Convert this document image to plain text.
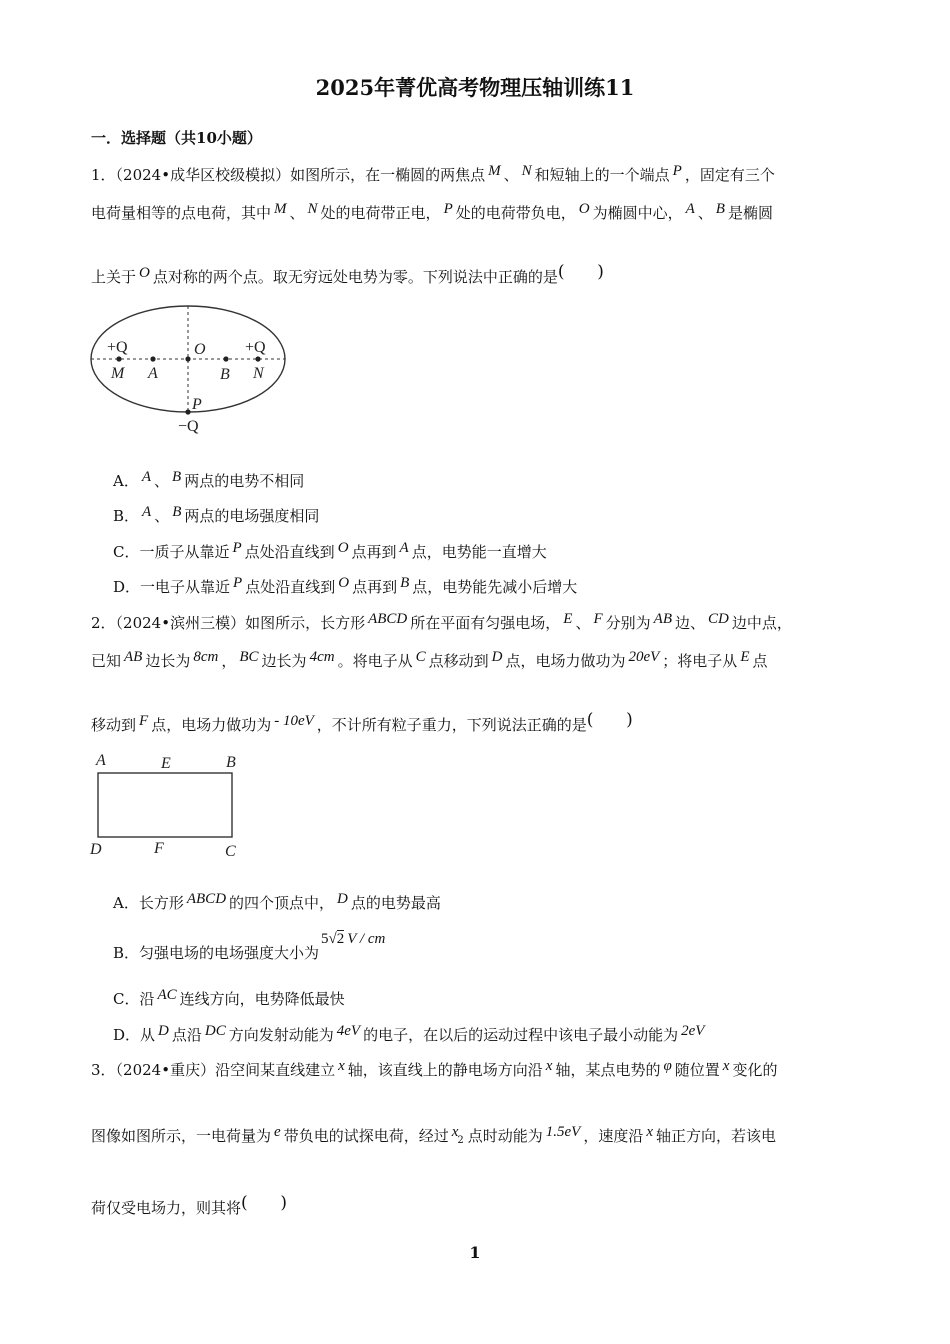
2025年菁优高考物理压轴训练11
一．选择题（共10小题）
1．（2024•成华区校级模拟）如图所示，在一椭圆的两焦点 M 、 N 和短轴上的一个端点 P ，固定有三个
电荷量相等的点电荷，其中 M 、 N 处的电荷带正电， P 处的电荷带负电， O 为椭圆中心， A 、 B 是椭圆
上关于 O 点对称的两个点。取无穷远处电势为零。下列说法中正确的是( )
+Q	+Q
M A
O
B N
P
−Q
A． A 、 B 两点的电势不相同
B． A 、 B 两点的电场强度相同
C．一质子从靠近 P 点处沿直线到 O 点再到 A 点，电势能一直增大
D．一电子从靠近 P 点处沿直线到 O 点再到 B 点，电势能先减小后增大
2．（2024•滨州三模）如图所示，长方形 ABCD 所在平面有匀强电场， E 、 F 分别为 AB 边、 CD 边中点，
已知 AB 边长为 8cm ， BC 边长为 4cm 。将电子从 C 点移动到 D 点，电场力做功为 20eV ；将电子从 E 点
移动到 F 点，电场力做功为 - 10eV ，不计所有粒子重力，下列说法正确的是( )
A	E	B
D	F	C
A．长方形 ABCD 的四个顶点中， D 点的电势最高
B．匀强电场的电场强度大小为5√2 V / cm
C．沿 AC 连线方向，电势降低最快
D．从 D 点沿 DC 方向发射动能为 4eV 的电子，在以后的运动过程中该电子最小动能为 2eV
3．（2024•重庆）沿空间某直线建立 x 轴，该直线上的静电场方向沿 x 轴，某点电势的 φ 随位置 x 变化的
图像如图所示，一电荷量为 e 带负电的试探电荷，经过 $x_2$ 点时动能为 1.5eV ，速度沿 x 轴正方向，若该电
荷仅受电场力，则其将( )
1
